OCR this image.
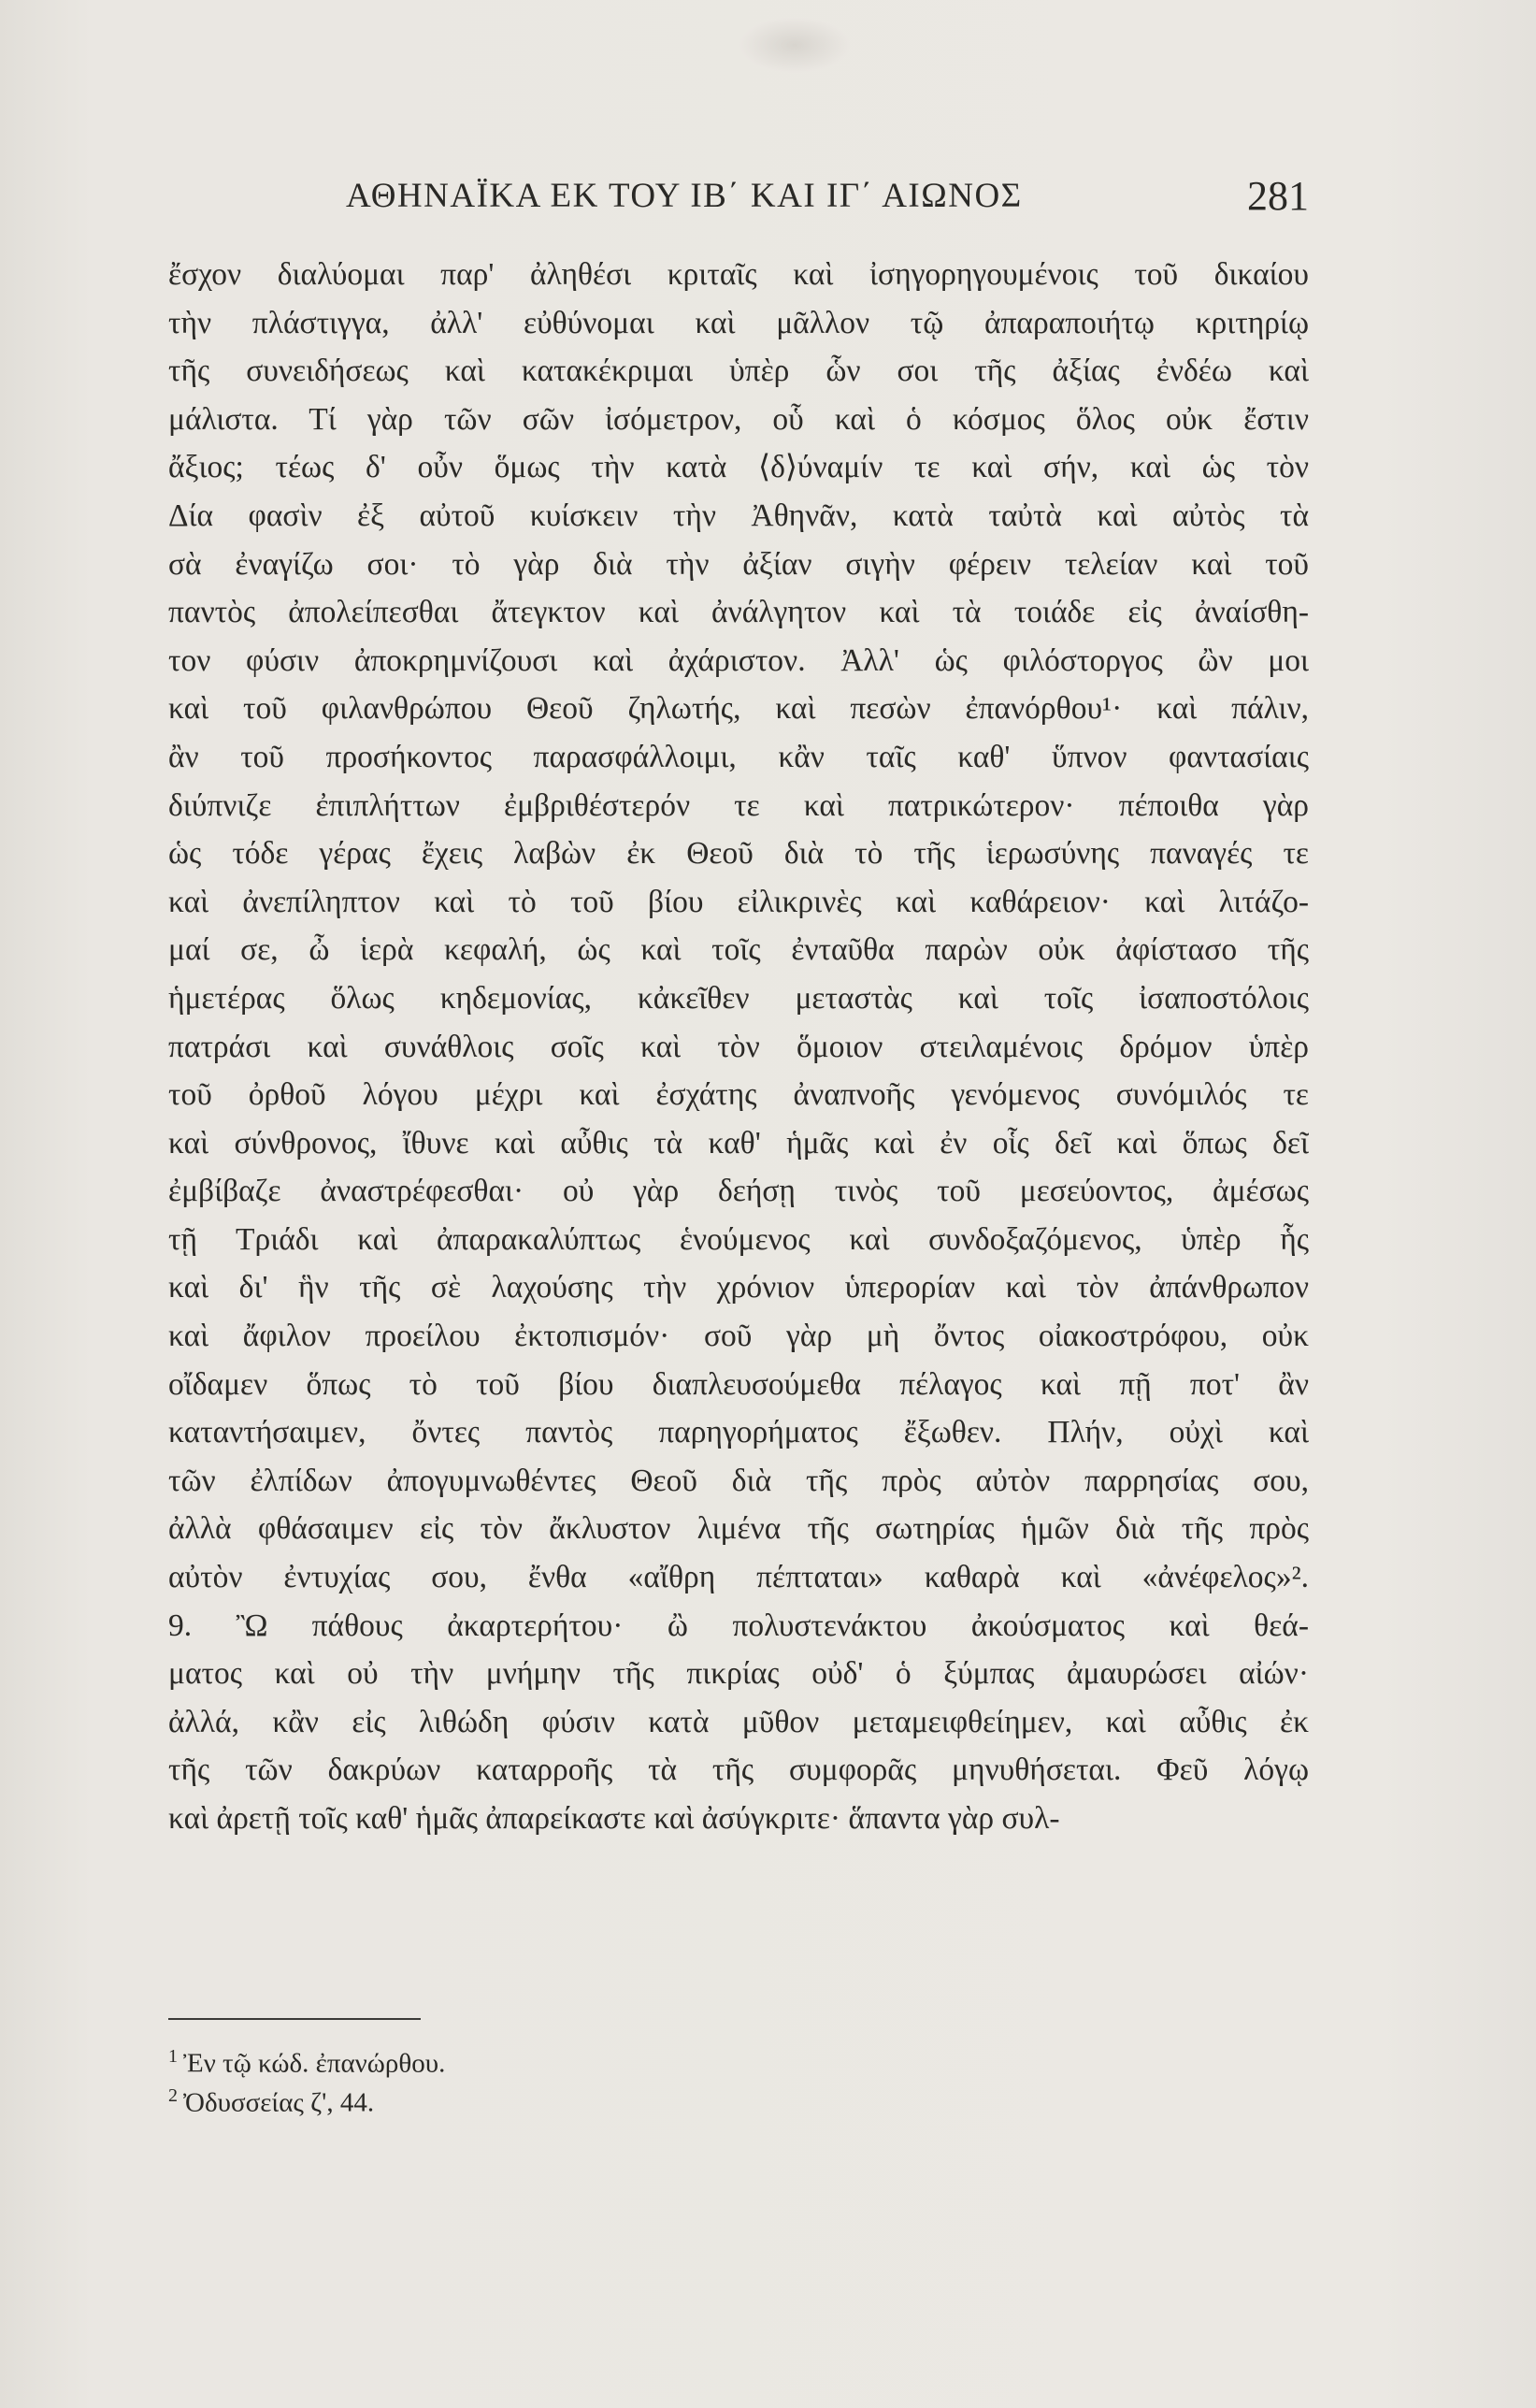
ΑΘΗΝΑΪΚΑ ΕΚ ΤΟΥ ΙΒ΄ ΚΑΙ ΙΓ΄ ΑΙΩΝΟΣ	281
ἔσχον διαλύομαι παρ' ἀληθέσι κριταῖς καὶ ἰσηγορηγουμένοις τοῦ δικαίου
τὴν πλάστιγγα, ἀλλ' εὐθύνομαι καὶ μᾶλλον τῷ ἀπαραποιήτῳ κριτηρίῳ
τῆς συνειδήσεως καὶ κατακέκριμαι ὑπὲρ ὧν σοι τῆς ἀξίας ἐνδέω καὶ
μάλιστα. Τί γὰρ τῶν σῶν ἰσόμετρον, οὗ καὶ ὁ κόσμος ὅλος οὐκ ἔστιν
ἄξιος; τέως δ' οὖν ὅμως τὴν κατὰ ⟨δ⟩ύναμίν τε καὶ σήν, καὶ ὡς τὸν
Δία φασὶν ἐξ αὐτοῦ κυίσκειν τὴν Ἀθηνᾶν, κατὰ ταὐτὰ καὶ αὐτὸς τὰ
σὰ ἐναγίζω σοι· τὸ γὰρ διὰ τὴν ἀξίαν σιγὴν φέρειν τελείαν καὶ τοῦ
παντὸς ἀπολείπεσθαι ἄτεγκτον καὶ ἀνάλγητον καὶ τὰ τοιάδε εἰς ἀναίσθη-
τον φύσιν ἀποκρημνίζουσι καὶ ἀχάριστον. Ἀλλ' ὡς φιλόστοργος ὢν μοι
καὶ τοῦ φιλανθρώπου Θεοῦ ζηλωτής, καὶ πεσὼν ἐπανόρθου¹· καὶ πάλιν,
ἂν τοῦ προσήκοντος παρασφάλλοιμι, κἂν ταῖς καθ' ὕπνον φαντασίαις
διύπνιζε ἐπιπλήττων ἐμβριθέστερόν τε καὶ πατρικώτερον· πέποιθα γὰρ
ὡς τόδε γέρας ἔχεις λαβὼν ἐκ Θεοῦ διὰ τὸ τῆς ἱερωσύνης παναγές τε
καὶ ἀνεπίληπτον καὶ τὸ τοῦ βίου εἰλικρινὲς καὶ καθάρειον· καὶ λιτάζο-
μαί σε, ὦ ἱερὰ κεφαλή, ὡς καὶ τοῖς ἐνταῦθα παρὼν οὐκ ἀφίστασο τῆς
ἡμετέρας ὅλως κηδεμονίας, κἀκεῖθεν μεταστὰς καὶ τοῖς ἰσαποστόλοις
πατράσι καὶ συνάθλοις σοῖς καὶ τὸν ὅμοιον στειλαμένοις δρόμον ὑπὲρ
τοῦ ὀρθοῦ λόγου μέχρι καὶ ἐσχάτης ἀναπνοῆς γενόμενος συνόμιλός τε
καὶ σύνθρονος, ἴθυνε καὶ αὖθις τὰ καθ' ἡμᾶς καὶ ἐν οἷς δεῖ καὶ ὅπως δεῖ
ἐμβίβαζε ἀναστρέφεσθαι· οὐ γὰρ δεήσῃ τινὸς τοῦ μεσεύοντος, ἀμέσως
τῇ Τριάδι καὶ ἀπαρακαλύπτως ἑνούμενος καὶ συνδοξαζόμενος, ὑπὲρ ἧς
καὶ δι' ἣν τῆς σὲ λαχούσης τὴν χρόνιον ὑπερορίαν καὶ τὸν ἀπάνθρωπον
καὶ ἄφιλον προείλου ἐκτοπισμόν· σοῦ γὰρ μὴ ὄντος οἰακοστρόφου, οὐκ
οἴδαμεν ὅπως τὸ τοῦ βίου διαπλευσούμεθα πέλαγος καὶ πῇ ποτ' ἂν
καταντήσαιμεν, ὄντες παντὸς παρηγορήματος ἔξωθεν. Πλήν, οὐχὶ καὶ
τῶν ἐλπίδων ἀπογυμνωθέντες Θεοῦ διὰ τῆς πρὸς αὐτὸν παρρησίας σου,
ἀλλὰ φθάσαιμεν εἰς τὸν ἄκλυστον λιμένα τῆς σωτηρίας ἡμῶν διὰ τῆς πρὸς
αὐτὸν ἐντυχίας σου, ἔνθα «αἴθρη πέπταται» καθαρὰ καὶ «ἀνέφελος»².
9. Ὢ πάθους ἀκαρτερήτου· ὢ πολυστενάκτου ἀκούσματος καὶ θεά-
ματος καὶ οὐ τὴν μνήμην τῆς πικρίας οὐδ' ὁ ξύμπας ἀμαυρώσει αἰών·
ἀλλά, κἂν εἰς λιθώδη φύσιν κατὰ μῦθον μεταμειφθείημεν, καὶ αὖθις ἐκ
τῆς τῶν δακρύων καταρροῆς τὰ τῆς συμφορᾶς μηνυθήσεται. Φεῦ λόγῳ
καὶ ἀρετῇ τοῖς καθ' ἡμᾶς ἀπαρείκαστε καὶ ἀσύγκριτε· ἅπαντα γὰρ συλ-
$^1$ Ἐν τῷ κώδ. ἐπανώρθου.
$^2$ Ὀδυσσείας ζ', 44.
